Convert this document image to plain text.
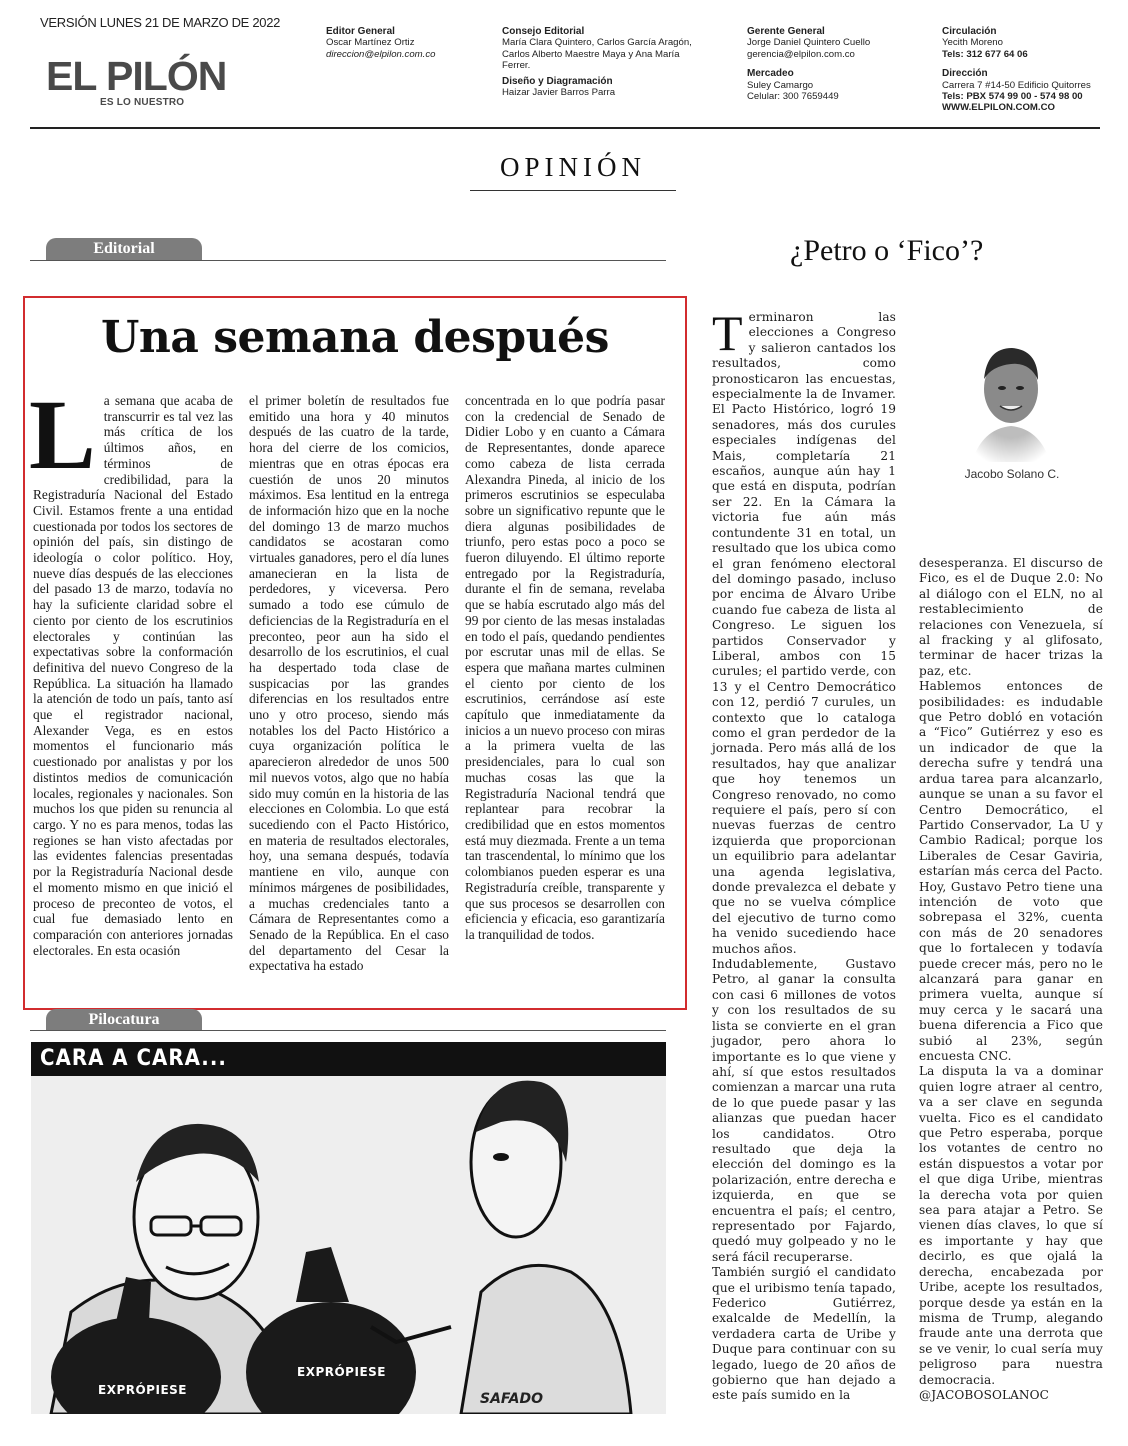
VERSIÓN LUNES 21 DE MARZO DE 2022
EL PILÓN
ES LO NUESTRO
Editor General
Oscar Martínez Ortiz
direccion@elpilon.com.co
Consejo Editorial
María Clara Quintero, Carlos García Aragón,
Carlos Alberto Maestre Maya y Ana María
Ferrer.
Diseño y Diagramación
Haizar Javier Barros Parra
Gerente General
Jorge Daniel Quintero Cuello
gerencia@elpilon.com.co
Mercadeo
Suley Camargo
Celular: 300 7659449
Circulación
Yecith Moreno
Tels: 312 677 64 06
Dirección
Carrera 7 #14-50 Edificio Quitorres
Tels: PBX 574 99 00 - 574 98 00
WWW.ELPILON.COM.CO
OPINIÓN
Editorial
Una semana después
L a semana que acaba de transcurrir es tal vez las más crítica de los últimos años, en términos de credibilidad, para la Registraduría Nacional del Estado Civil. Estamos frente a una entidad cuestionada por todos los sectores de opinión del país, sin distingo de ideología o color político. Hoy, nueve días después de las elecciones del pasado 13 de marzo, todavía no hay la suficiente claridad sobre el ciento por ciento de los escrutinios electorales y continúan las expectativas sobre la conformación definitiva del nuevo Congreso de la República. La situación ha llamado la atención de todo un país, tanto así que el registrador nacional, Alexander Vega, es en estos momentos el funcionario más cuestionado por analistas y por los distintos medios de comunicación locales, regionales y nacionales. Son muchos los que piden su renuncia al cargo. Y no es para menos, todas las regiones se han visto afectadas por las evidentes falencias presentadas por la Registraduría Nacional desde el momento mismo en que inició el proceso de preconteo de votos, el cual fue demasiado lento en comparación con anteriores jornadas electorales. En esta ocasión

el primer boletín de resultados fue emitido una hora y 40 minutos después de las cuatro de la tarde, hora del cierre de los comicios, mientras que en otras épocas era cuestión de unos 20 minutos máximos. Esa lentitud en la entrega de información hizo que en la noche del domingo 13 de marzo muchos candidatos se acostaran como virtuales ganadores, pero el día lunes amanecieran en la lista de perdedores, y viceversa. Pero sumado a todo ese cúmulo de deficiencias de la Registraduría en el preconteo, peor aun ha sido el desarrollo de los escrutinios, el cual ha despertado toda clase de suspicacias por las grandes diferencias en los resultados entre uno y otro proceso, siendo más notables los del Pacto Histórico a cuya organización política le aparecieron alrededor de unos 500 mil nuevos votos, algo que no había sido muy común en la historia de las elecciones en Colombia. Lo que está sucediendo con el Pacto Histórico, en materia de resultados electorales, hoy, una semana después, todavía mantiene en vilo, aunque con mínimos márgenes de posibilidades, a muchas credenciales tanto a Cámara de Representantes como a Senado de la República. En el caso del departamento del Cesar la expectativa ha estado

concentrada en lo que podría pasar con la credencial de Senado de Didier Lobo y en cuanto a Cámara de Representantes, donde aparece como cabeza de lista cerrada Alexandra Pineda, al inicio de los primeros escrutinios se especulaba sobre un significativo repunte que le diera algunas posibilidades de triunfo, pero estas poco a poco se fueron diluyendo. El último reporte entregado por la Registraduría, durante el fin de semana, revelaba que se había escrutado algo más del 99 por ciento de las mesas instaladas en todo el país, quedando pendientes por escrutar unas mil de ellas. Se espera que mañana martes culminen el ciento por ciento de los escrutinios, cerrándose así este capítulo que inmediatamente da inicios a un nuevo proceso con miras a la primera vuelta de las presidenciales, para lo cual son muchas cosas las que la Registraduría Nacional tendrá que replantear para recobrar la credibilidad que en estos momentos está muy diezmada. Frente a un tema tan trascendental, lo mínimo que los colombianos pueden esperar es una Registraduría creíble, transparente y que sus procesos se desarrollen con eficiencia y eficacia, eso garantizaría la tranquilidad de todos.

Pilocatura
CARA A CARA...
EXPRÓPIESE
EXPRÓPIESE
SAFADO
¿Petro o ‘Fico’?
Jacobo Solano C.

T erminaron las elecciones a Congreso y salieron cantados los resultados, como pronosticaron las encuestas, especialmente la de Invamer. El Pacto Histórico, logró 19 senadores, más dos curules especiales indígenas del Mais, completaría 21 escaños, aunque aún hay 1 que está en disputa, podrían ser 22. En la Cámara la victoria fue aún más contundente 31 en total, un resultado que los ubica como el gran fenómeno electoral del domingo pasado, incluso por encima de Álvaro Uribe cuando fue cabeza de lista al Congreso. Le siguen los partidos Conservador y Liberal, ambos con 15 curules; el partido verde, con 13 y el Centro Democrático con 12, perdió 7 curules, un contexto que lo cataloga como el gran perdedor de la jornada. Pero más allá de los resultados, hay que analizar que hoy tenemos un Congreso renovado, no como requiere el país, pero sí con nuevas fuerzas de centro izquierda que proporcionan un equilibrio para adelantar una agenda legislativa, donde prevalezca el debate y que no se vuelva cómplice del ejecutivo de turno como ha venido sucediendo hace muchos años.

Indudablemente, Gustavo Petro, al ganar la consulta con casi 6 millones de votos y con los resultados de su lista se convierte en el gran jugador, pero ahora lo importante es lo que viene y ahí, sí que estos resultados comienzan a marcar una ruta de lo que puede pasar y las alianzas que puedan hacer los candidatos. Otro resultado que deja la elección del domingo es la polarización, entre derecha e izquierda, en que se encuentra el país; el centro, representado por Fajardo, quedó muy golpeado y no le será fácil recuperarse.

También surgió el candidato que el uribismo tenía tapado, Federico Gutiérrez, exalcalde de Medellín, la verdadera carta de Uribe y Duque para continuar con su legado, luego de 20 años de gobierno que han dejado a este país sumido en la

desesperanza. El discurso de Fico, es el de Duque 2.0: No al diálogo con el ELN, no al restablecimiento de relaciones con Venezuela, sí al fracking y al glifosato, terminar de hacer trizas la paz, etc.

Hablemos entonces de posibilidades: es indudable que Petro dobló en votación a “Fico” Gutiérrez y eso es un indicador de que la derecha sufre y tendrá una ardua tarea para alcanzarlo, aunque se unan a su favor el Centro Democrático, el Partido Conservador, La U y Cambio Radical; porque los Liberales de Cesar Gaviria, estarían más cerca del Pacto. Hoy, Gustavo Petro tiene una intención de voto que sobrepasa el 32%, cuenta con más de 20 senadores que lo fortalecen y todavía puede crecer más, pero no le alcanzará para ganar en primera vuelta, aunque sí muy cerca y le sacará una buena diferencia a Fico que subió al 23%, según encuesta CNC.

La disputa la va a dominar quien logre atraer al centro, va a ser clave en segunda vuelta. Fico es el candidato que Petro esperaba, porque los votantes de centro no están dispuestos a votar por el que diga Uribe, mientras la derecha vota por quien sea para atajar a Petro. Se vienen días claves, lo que sí es importante y hay que decirlo, es que ojalá la derecha, encabezada por Uribe, acepte los resultados, porque desde ya están en la misma de Trump, alegando fraude ante una derrota que se ve venir, lo cual sería muy peligroso para nuestra democracia. @JACOBOSOLANOC
